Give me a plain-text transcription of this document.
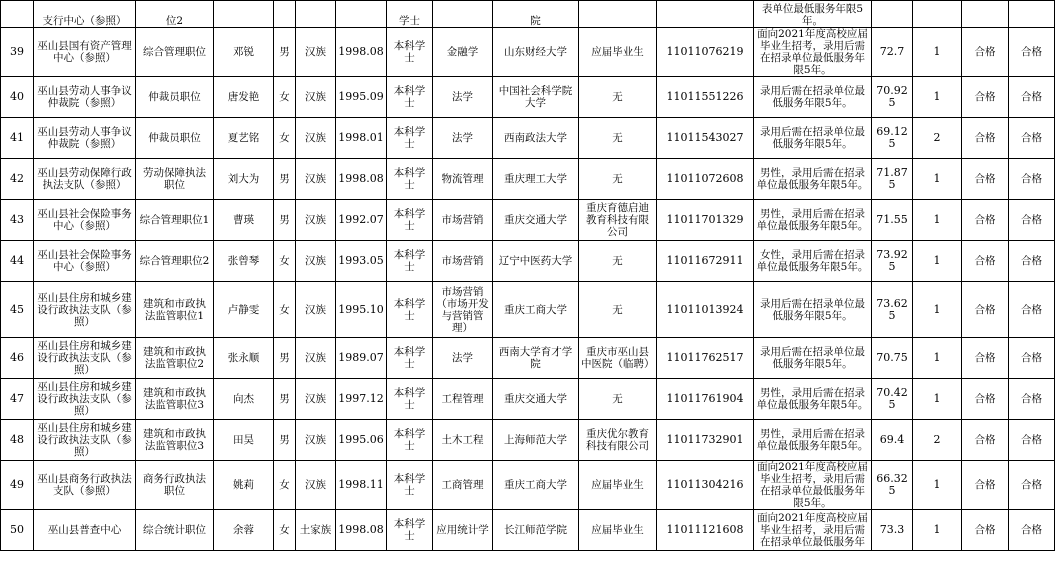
	支行中心（参照）	位2					学士		院			表单位最低服务年限5年。				
39	巫山县国有资产管理中心（参照）	综合管理职位	邓锐	男	汉族	1998.08	本科学士	金融学	山东财经大学	应届毕业生	11011076219	面向2021年度高校应届毕业生招考，录用后需在招录单位最低服务年限5年。	72.7	1	合格	合格
40	巫山县劳动人事争议仲裁院（参照）	仲裁员职位	唐发艳	女	汉族	1995.09	本科学士	法学	中国社会科学院大学	无	11011551226	录用后需在招录单位最低服务年限5年。	70.925	1	合格	合格
41	巫山县劳动人事争议仲裁院（参照）	仲裁员职位	夏艺铭	女	汉族	1998.01	本科学士	法学	西南政法大学	无	11011543027	录用后需在招录单位最低服务年限5年。	69.125	2	合格	合格
42	巫山县劳动保障行政执法支队（参照）	劳动保障执法职位	刘大为	男	汉族	1998.08	本科学士	物流管理	重庆理工大学	无	11011072608	男性，录用后需在招录单位最低服务年限5年。	71.875	1	合格	合格
43	巫山县社会保险事务中心（参照）	综合管理职位1	曹瑛	男	汉族	1992.07	本科学士	市场营销	重庆交通大学	重庆育德启迪教育科技有限公司	11011701329	男性，录用后需在招录单位最低服务年限5年。	71.55	1	合格	合格
44	巫山县社会保险事务中心（参照）	综合管理职位2	张曾琴	女	汉族	1993.05	本科学士	市场营销	辽宁中医药大学	无	11011672911	女性，录用后需在招录单位最低服务年限5年。	73.925	1	合格	合格
45	巫山县住房和城乡建设行政执法支队（参照）	建筑和市政执法监管职位1	卢静雯	女	汉族	1995.10	本科学士	市场营销（市场开发与营销管理）	重庆工商大学	无	11011013924	录用后需在招录单位最低服务年限5年。	73.625	1	合格	合格
46	巫山县住房和城乡建设行政执法支队（参照）	建筑和市政执法监管职位2	张永顺	男	汉族	1989.07	本科学士	法学	西南大学育才学院	重庆市巫山县中医院（临聘）	11011762517	录用后需在招录单位最低服务年限5年。	70.75	1	合格	合格
47	巫山县住房和城乡建设行政执法支队（参照）	建筑和市政执法监管职位3	向杰	男	汉族	1997.12	本科学士	工程管理	重庆交通大学	无	11011761904	男性，录用后需在招录单位最低服务年限5年。	70.425	1	合格	合格
48	巫山县住房和城乡建设行政执法支队（参照）	建筑和市政执法监管职位3	田昊	男	汉族	1995.06	本科学士	土木工程	上海师范大学	重庆优尔教育科技有限公司	11011732901	男性，录用后需在招录单位最低服务年限5年。	69.4	2	合格	合格
49	巫山县商务行政执法支队（参照）	商务行政执法职位	姚莉	女	汉族	1998.11	本科学士	工商管理	重庆工商大学	应届毕业生	11011304216	面向2021年度高校应届毕业生招考，录用后需在招录单位最低服务年限5年。	66.325	1	合格	合格
50	巫山县普查中心	综合统计职位	余蓉	女	土家族	1998.08	本科学士	应用统计学	长江师范学院	应届毕业生	11011121608	面向2021年度高校应届毕业生招考，录用后需在招录单位最低服务年	73.3	1	合格	合格
